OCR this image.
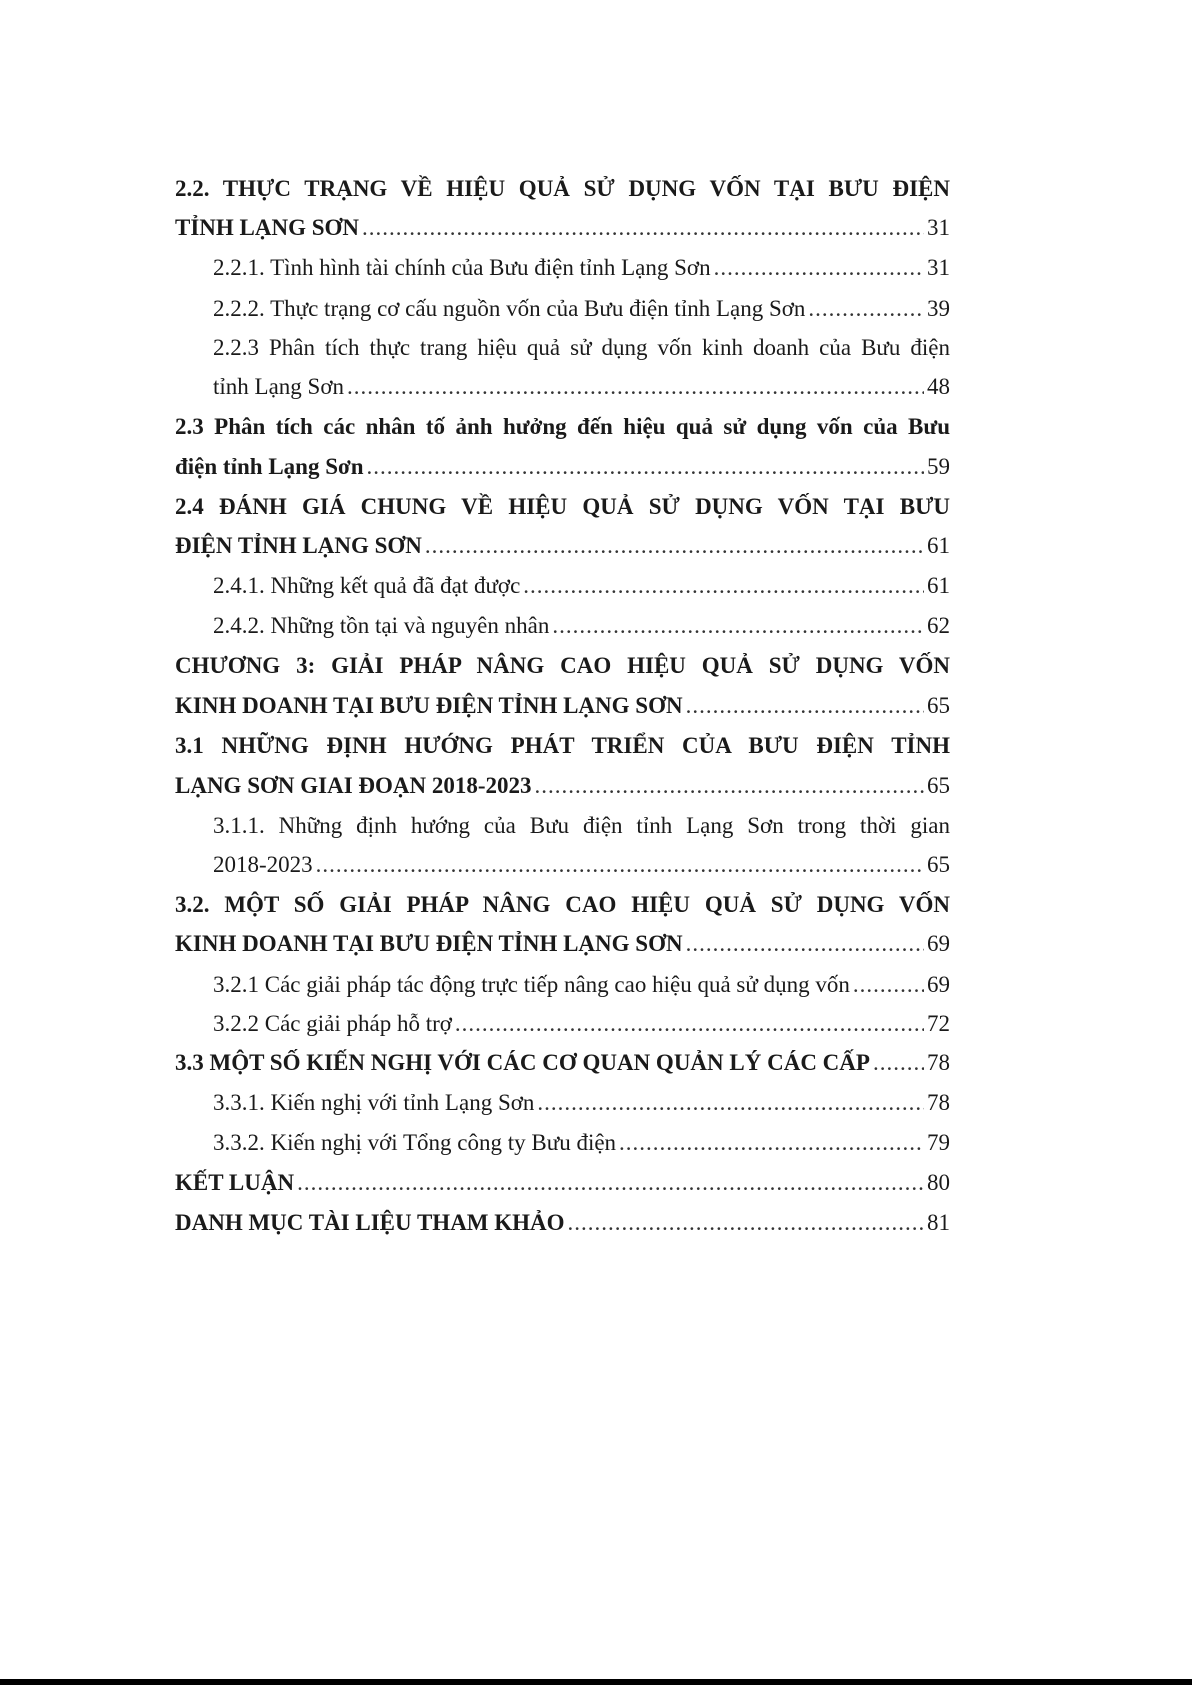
2.2. THỰC TRẠNG VỀ HIỆU QUẢ SỬ DỤNG VỐN TẠI BƯU ĐIỆN
TỈNH LẠNG SƠN .....	31
2.2.1. Tình hình tài chính của Bưu điện tỉnh Lạng Sơn .....	31
2.2.2. Thực trạng cơ cấu nguồn vốn của Bưu điện tỉnh Lạng Sơn .....	39
2.2.3 Phân tích thực trang hiệu quả sử dụng vốn kinh doanh của Bưu điện
tỉnh Lạng Sơn .....	48
2.3 Phân tích các nhân tố ảnh hưởng đến hiệu quả sử dụng vốn của Bưu
điện tỉnh Lạng Sơn .....	59
2.4 ĐÁNH GIÁ CHUNG VỀ HIỆU QUẢ SỬ DỤNG VỐN TẠI BƯU
ĐIỆN TỈNH LẠNG SƠN .....	61
2.4.1. Những kết quả đã đạt được .....	61
2.4.2. Những tồn tại và nguyên nhân .....	62
CHƯƠNG 3: GIẢI PHÁP NÂNG CAO HIỆU QUẢ SỬ DỤNG VỐN
KINH DOANH TẠI BƯU ĐIỆN TỈNH LẠNG SƠN .....	65
3.1 NHỮNG ĐỊNH HƯỚNG PHÁT TRIỂN CỦA BƯU ĐIỆN TỈNH
LẠNG SƠN GIAI ĐOẠN 2018-2023 .....	65
3.1.1. Những định hướng của Bưu điện tỉnh Lạng Sơn trong thời gian
2018-2023 .....	65
3.2. MỘT SỐ GIẢI PHÁP NÂNG CAO HIỆU QUẢ SỬ DỤNG VỐN
KINH DOANH TẠI BƯU ĐIỆN TỈNH LẠNG SƠN .....	69
3.2.1 Các giải pháp tác động trực tiếp nâng cao hiệu quả sử dụng vốn .....	69
3.2.2 Các giải pháp hỗ trợ .....	72
3.3 MỘT SỐ KIẾN NGHỊ VỚI CÁC CƠ QUAN QUẢN LÝ CÁC CẤP ..... 78
3.3.1. Kiến nghị với tỉnh Lạng Sơn .....	78
3.3.2. Kiến nghị với Tổng công ty Bưu điện .....	79
KẾT LUẬN .....	80
DANH MỤC TÀI LIỆU THAM KHẢO .....	81
